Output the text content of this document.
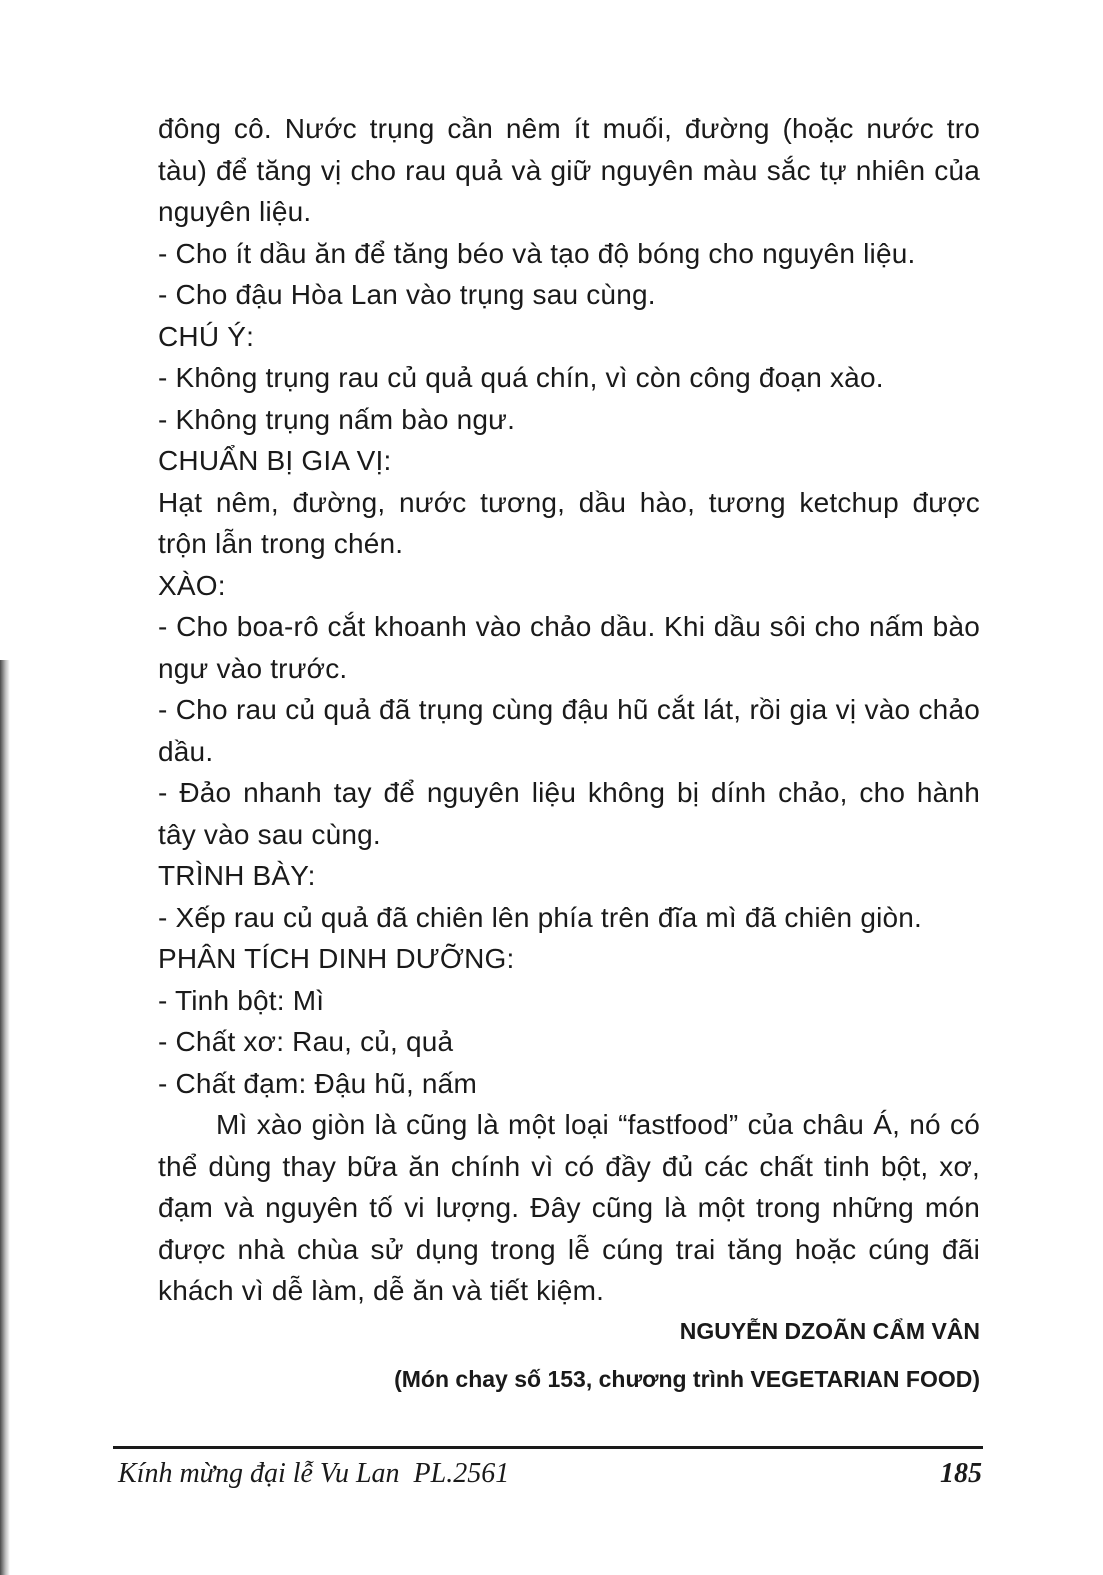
đông cô. Nước trụng cần nêm ít muối, đường (hoặc nước tro tàu) để tăng vị cho rau quả và giữ nguyên màu sắc tự nhiên của nguyên liệu.

- Cho ít dầu ăn để tăng béo và tạo độ bóng cho nguyên liệu.

- Cho đậu Hòa Lan vào trụng sau cùng.

CHÚ Ý:

- Không trụng rau củ quả quá chín, vì còn công đoạn xào.

- Không trụng nấm bào ngư.

CHUẨN BỊ GIA VỊ:

Hạt nêm, đường, nước tương, dầu hào, tương ketchup được trộn lẫn trong chén.

XÀO:

- Cho boa-rô cắt khoanh vào chảo dầu. Khi dầu sôi cho nấm bào ngư vào trước.

- Cho rau củ quả đã trụng cùng đậu hũ cắt lát, rồi gia vị vào chảo dầu.

- Đảo nhanh tay để nguyên liệu không bị dính chảo, cho hành tây vào sau cùng.

TRÌNH BÀY:

- Xếp rau củ quả đã chiên lên phía trên đĩa mì đã chiên giòn.

PHÂN TÍCH DINH DƯỠNG:

- Tinh bột: Mì

- Chất xơ: Rau, củ, quả

- Chất đạm: Đậu hũ, nấm

Mì xào giòn là cũng là một loại “fastfood” của châu Á, nó có thể dùng thay bữa ăn chính vì có đầy đủ các chất tinh bột, xơ, đạm và nguyên tố vi lượng. Đây cũng là một trong những món được nhà chùa sử dụng trong lễ cúng trai tăng hoặc cúng đãi khách vì dễ làm, dễ ăn và tiết kiệm.

NGUYỄN DZOÃN CẨM VÂN
(Món chay số 153, chương trình VEGETARIAN FOOD)
Kính mừng đại lễ Vu Lan  PL.2561	185
